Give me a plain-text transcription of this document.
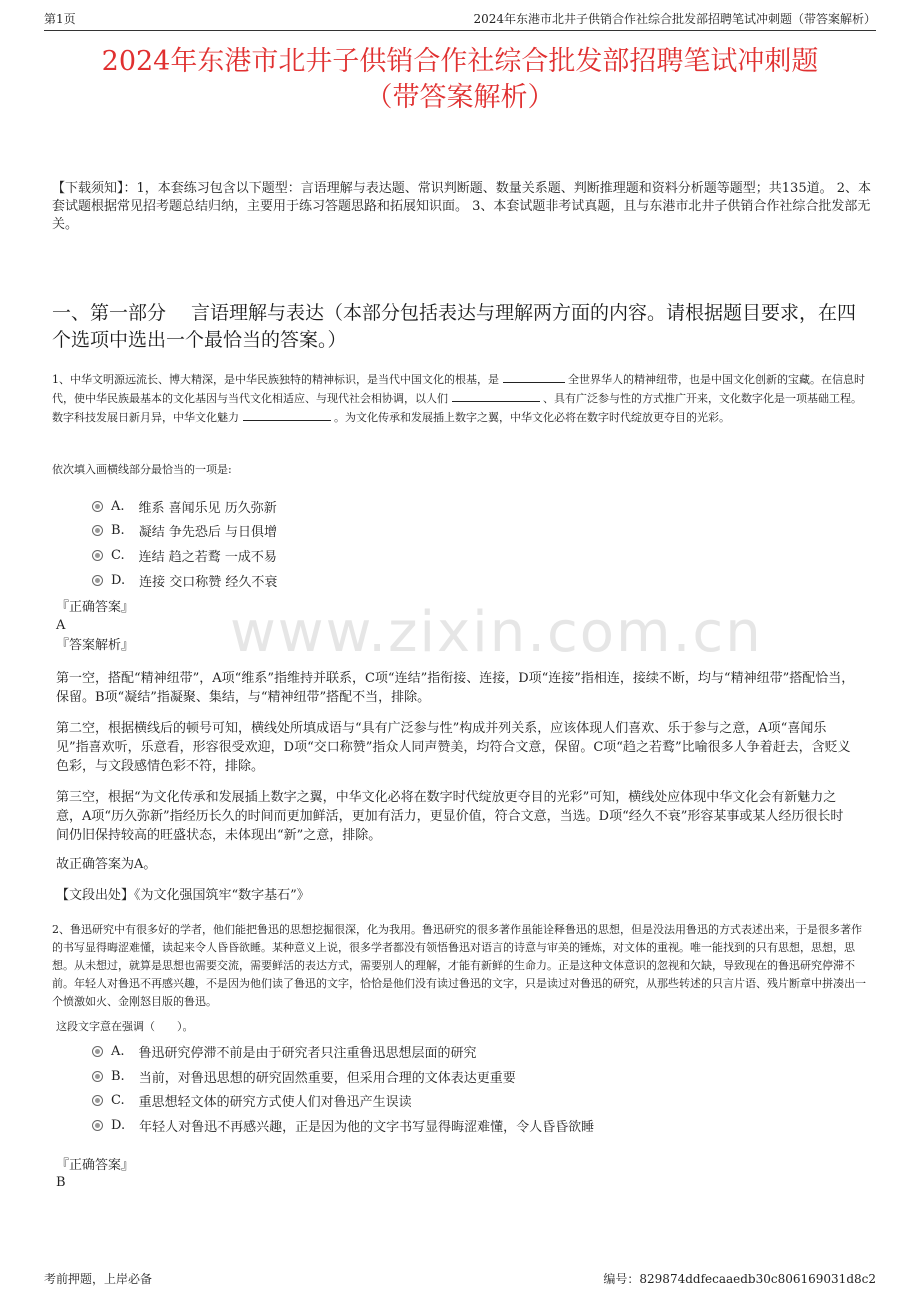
第1页	2024年东港市北井子供销合作社综合批发部招聘笔试冲刺题（带答案解析）
2024年东港市北井子供销合作社综合批发部招聘笔试冲刺题
（带答案解析）
【下载须知】：1，本套练习包含以下题型：言语理解与表达题、常识判断题、数量关系题、判断推理题和资料分析题等题型；共135道。 2、本套试题根据常见招考题总结归纳，主要用于练习答题思路和拓展知识面。 3、本套试题非考试真题，且与东港市北井子供销合作社综合批发部无关。
一、第一部分　 言语理解与表达（本部分包括表达与理解两方面的内容。请根据题目要求，在四个选项中选出一个最恰当的答案。）
1、中华文明源远流长、博大精深，是中华民族独特的精神标识，是当代中国文化的根基，是	全世界华人的精神纽带，也是中国文化创新的宝藏。在信息时代，使中华民族最基本的文化基因与当代文化相适应、与现代社会相协调，以人们	、具有广泛参与性的方式推广开来，文化数字化是一项基础工程。数字科技发展日新月异，中华文化魅力	。为文化传承和发展插上数字之翼，中华文化必将在数字时代绽放更夺目的光彩。
依次填入画横线部分最恰当的一项是:
A. 维系 喜闻乐见 历久弥新
B. 凝结 争先恐后 与日俱增
C. 连结 趋之若鹜 一成不易
D. 连接 交口称赞 经久不衰
『正确答案』
A
『答案解析』
第一空，搭配“精神纽带”，A项“维系”指维持并联系，C项“连结”指衔接、连接，D项“连接”指相连，接续不断，均与“精神纽带”搭配恰当，保留。B项“凝结”指凝聚、集结，与“精神纽带”搭配不当，排除。
第二空，根据横线后的顿号可知，横线处所填成语与“具有广泛参与性”构成并列关系，应该体现人们喜欢、乐于参与之意，A项“喜闻乐见”指喜欢听，乐意看，形容很受欢迎，D项“交口称赞”指众人同声赞美，均符合文意，保留。C项“趋之若鹜”比喻很多人争着赶去，含贬义色彩，与文段感情色彩不符，排除。
第三空，根据“为文化传承和发展插上数字之翼，中华文化必将在数字时代绽放更夺目的光彩”可知，横线处应体现中华文化会有新魅力之意，A项“历久弥新”指经历长久的时间而更加鲜活，更加有活力，更显价值，符合文意，当选。D项“经久不衰”形容某事或某人经历很长时间仍旧保持较高的旺盛状态，未体现出“新”之意，排除。
故正确答案为A。
【文段出处】《为文化强国筑牢“数字基石”》
2、鲁迅研究中有很多好的学者，他们能把鲁迅的思想挖掘很深，化为我用。鲁迅研究的很多著作虽能诠释鲁迅的思想，但是没法用鲁迅的方式表述出来，于是很多著作的书写显得晦涩难懂，读起来令人昏昏欲睡。某种意义上说，很多学者都没有领悟鲁迅对语言的诗意与审美的锤炼，对文体的重视。唯一能找到的只有思想，思想，思想。从未想过，就算是思想也需要交流，需要鲜活的表达方式，需要别人的理解，才能有新鲜的生命力。正是这种文体意识的忽视和欠缺，导致现在的鲁迅研究停滞不前。年轻人对鲁迅不再感兴趣，不是因为他们读了鲁迅的文字，恰恰是他们没有读过鲁迅的文字，只是读过对鲁迅的研究，从那些转述的只言片语、残片断章中拼凑出一个愤激如火、金刚怒目版的鲁迅。
这段文字意在强调（　　）。
A. 鲁迅研究停滞不前是由于研究者只注重鲁迅思想层面的研究
B. 当前，对鲁迅思想的研究固然重要，但采用合理的文体表达更重要
C. 重思想轻文体的研究方式使人们对鲁迅产生误读
D. 年轻人对鲁迅不再感兴趣，正是因为他的文字书写显得晦涩难懂，令人昏昏欲睡
『正确答案』
B
www.zixin.com.cn
考前押题，上岸必备	编号：829874ddfecaaedb30c806169031d8c2
